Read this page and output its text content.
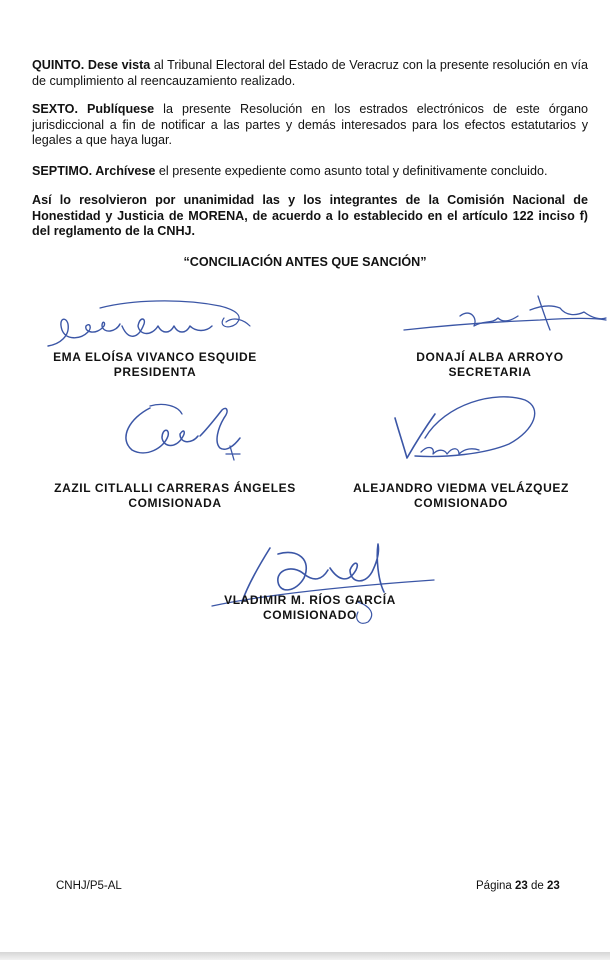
QUINTO. Dese vista al Tribunal Electoral del Estado de Veracruz con la presente resolución en vía de cumplimiento al reencauzamiento realizado.

SEXTO. Publíquese la presente Resolución en los estrados electrónicos de este órgano jurisdiccional a fin de notificar a las partes y demás interesados para los efectos estatutarios y legales a que haya lugar.

SEPTIMO. Archívese el presente expediente como asunto total y definitivamente concluido.

Así lo resolvieron por unanimidad las y los integrantes de la Comisión Nacional de Honestidad y Justicia de MORENA, de acuerdo a lo establecido en el artículo 122 inciso f) del reglamento de la CNHJ.

“CONCILIACIÓN ANTES QUE SANCIÓN”
EMA ELOÍSA VIVANCO ESQUIDE
PRESIDENTA
DONAJÍ ALBA ARROYO
SECRETARIA
ZAZIL CITLALLI CARRERAS ÁNGELES
COMISIONADA
ALEJANDRO VIEDMA VELÁZQUEZ
COMISIONADO
VLADIMIR M. RÍOS GARCÍA
COMISIONADO
CNHJ/P5-AL	Página 23 de 23
